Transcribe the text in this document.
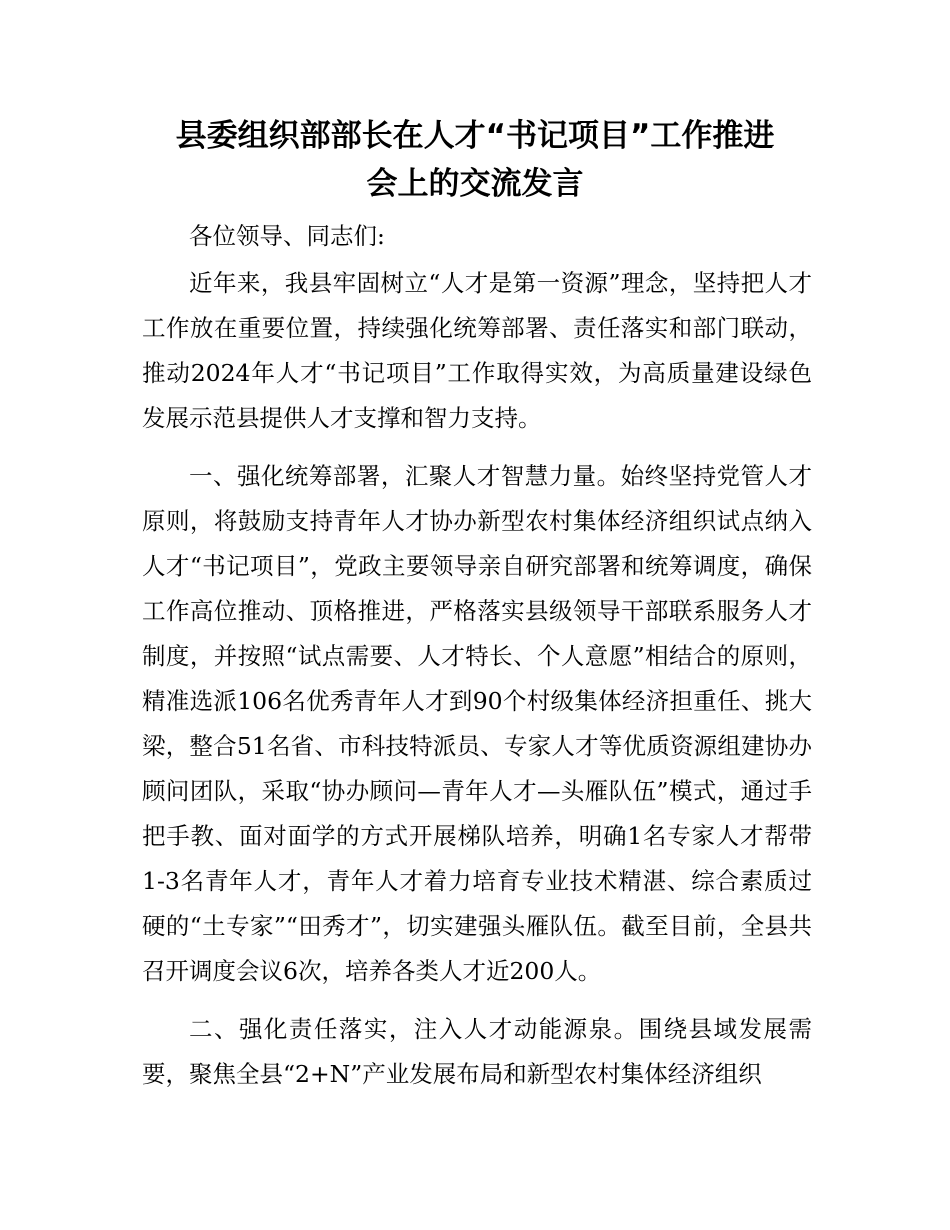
县委组织部部长在人才“书记项目”工作推进
会上的交流发言
各位领导、同志们:

近年来，我县牢固树立“人才是第一资源”理念，坚持把人才工作放在重要位置，持续强化统筹部署、责任落实和部门联动，推动2024年人才“书记项目”工作取得实效，为高质量建设绿色发展示范县提供人才支撑和智力支持。

一、强化统筹部署，汇聚人才智慧力量。始终坚持党管人才原则，将鼓励支持青年人才协办新型农村集体经济组织试点纳入人才“书记项目”，党政主要领导亲自研究部署和统筹调度，确保工作高位推动、顶格推进，严格落实县级领导干部联系服务人才制度，并按照“试点需要、人才特长、个人意愿”相结合的原则，精准选派106名优秀青年人才到90个村级集体经济担重任、挑大梁，整合51名省、市科技特派员、专家人才等优质资源组建协办顾问团队，采取“协办顾问—青年人才—头雁队伍”模式，通过手把手教、面对面学的方式开展梯队培养，明确1名专家人才帮带1-3名青年人才，青年人才着力培育专业技术精湛、综合素质过硬的“土专家”“田秀才”，切实建强头雁队伍。截至目前，全县共召开调度会议6次，培养各类人才近200人。

二、强化责任落实，注入人才动能源泉。围绕县域发展需要，聚焦全县“2+N”产业发展布局和新型农村集体经济组织
